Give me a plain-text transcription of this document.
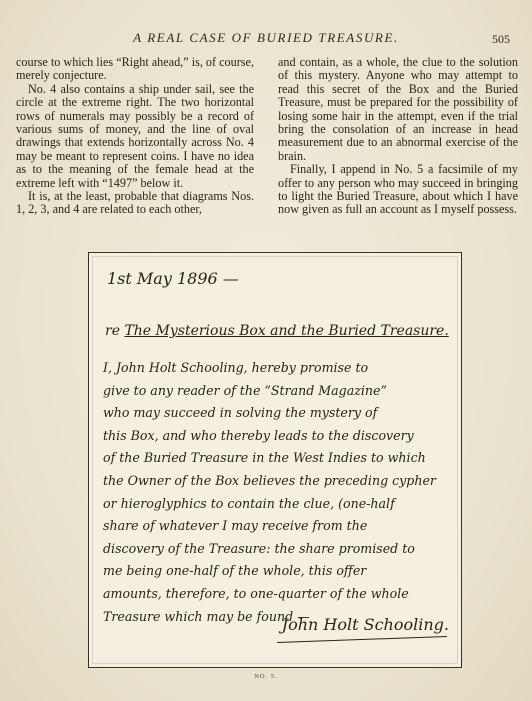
A REAL CASE OF BURIED TREASURE.	505

course to which lies “Right ahead,” is, of course, merely conjecture.

No. 4 also contains a ship under sail, see the circle at the extreme right. The two horizontal rows of numerals may possibly be a record of various sums of money, and the line of oval drawings that extends horizontally across No. 4 may be meant to represent coins. I have no idea as to the meaning of the female head at the extreme left with “1497” below it.

It is, at the least, probable that diagrams Nos. 1, 2, 3, and 4 are related to each other,

and contain, as a whole, the clue to the solution of this mystery. Anyone who may attempt to read this secret of the Box and the Buried Treasure, must be prepared for the possibility of losing some hair in the attempt, even if the trial bring the consolation of an increase in head measurement due to an abnormal exercise of the brain.

Finally, I append in No. 5 a facsimile of my offer to any person who may succeed in bringing to light the Buried Treasure, about which I have now given as full an account as I myself possess.

1st May 1896 —
re The Mysterious Box and the Buried Treasure.
I, John Holt Schooling, hereby promise to
give to any reader of the “Strand Magazine”
who may succeed in solving the mystery of
this Box, and who thereby leads to the discovery
of the Buried Treasure in the West Indies to which
the Owner of the Box believes the preceding cypher
or hieroglyphics to contain the clue, (one-half
share of whatever I may receive from the
discovery of the Treasure: the share promised to
me being one-half of the whole, this offer
amounts, therefore, to one-quarter of the whole
Treasure which may be found —
John Holt Schooling.
NO. 5.
